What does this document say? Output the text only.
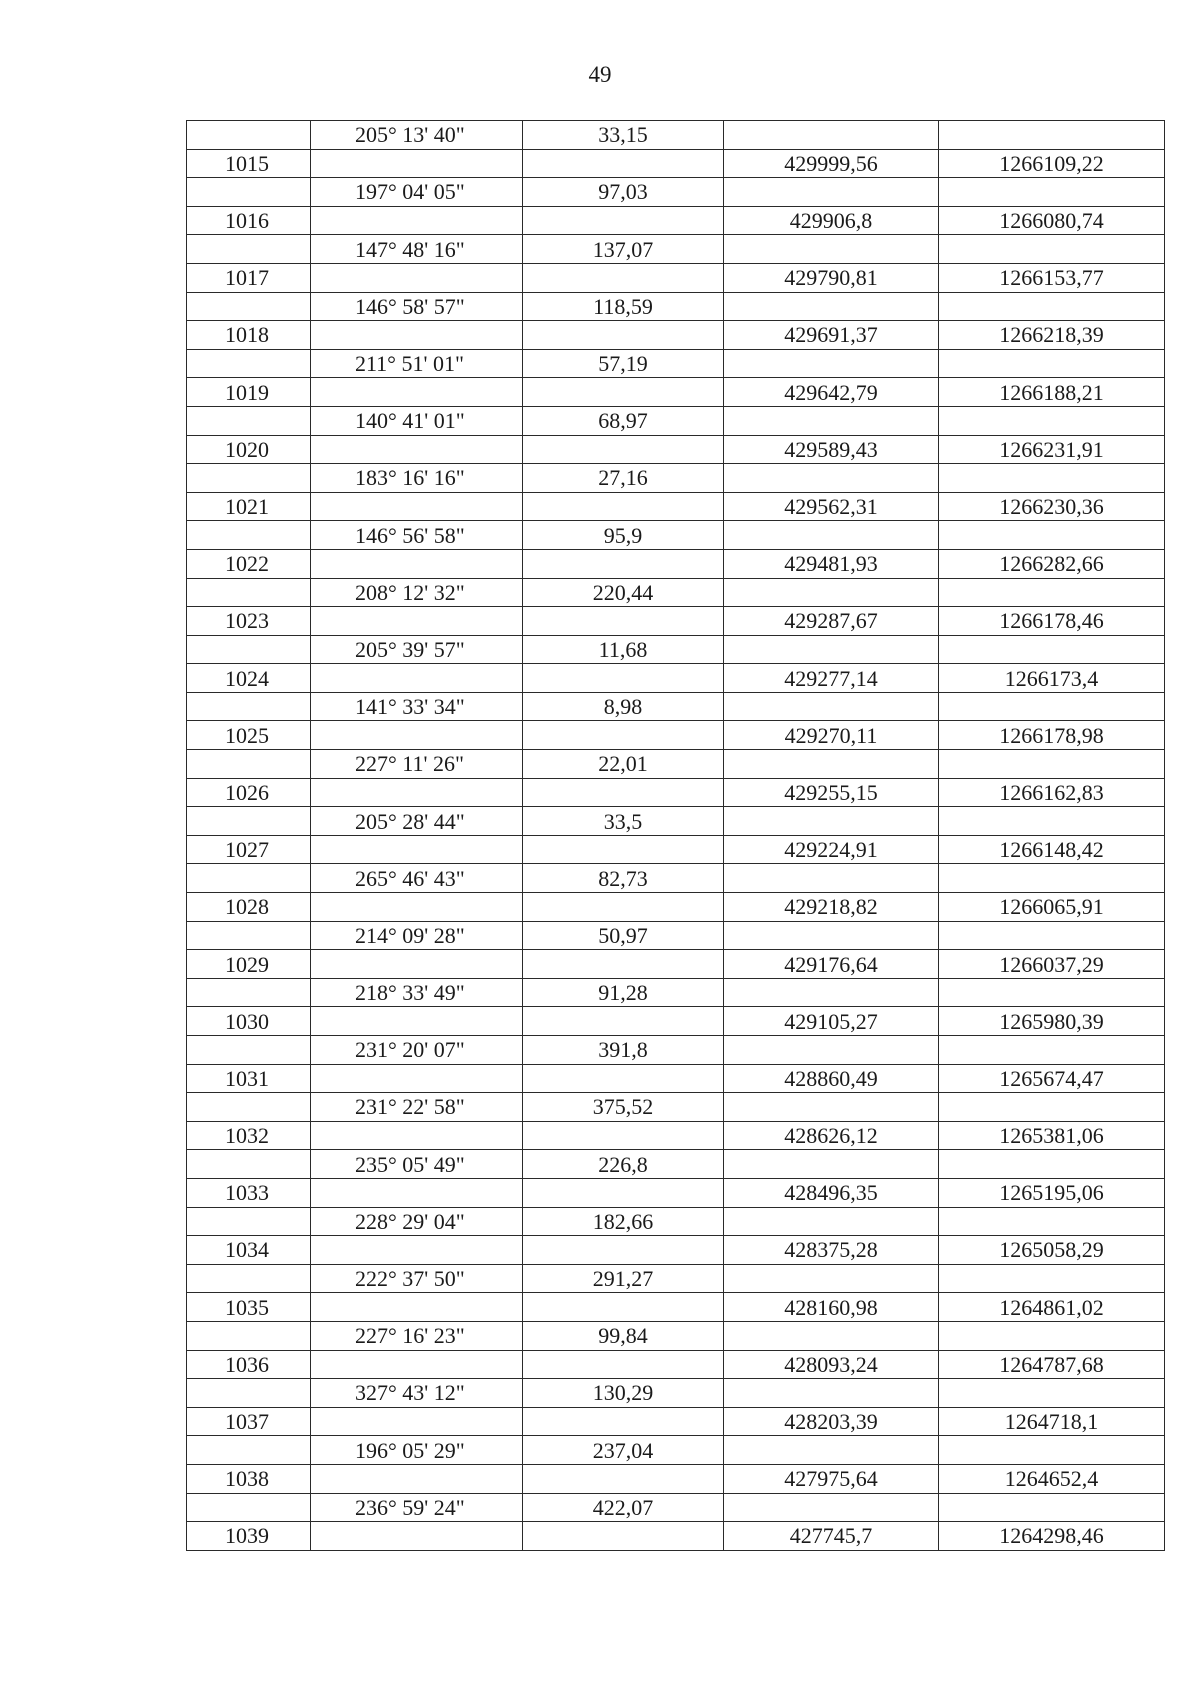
49
	205° 13' 40"	33,15		
1015			429999,56	1266109,22
	197° 04' 05"	97,03		
1016			429906,8	1266080,74
	147° 48' 16"	137,07		
1017			429790,81	1266153,77
	146° 58' 57"	118,59		
1018			429691,37	1266218,39
	211° 51' 01"	57,19		
1019			429642,79	1266188,21
	140° 41' 01"	68,97		
1020			429589,43	1266231,91
	183° 16' 16"	27,16		
1021			429562,31	1266230,36
	146° 56' 58"	95,9		
1022			429481,93	1266282,66
	208° 12' 32"	220,44		
1023			429287,67	1266178,46
	205° 39' 57"	11,68		
1024			429277,14	1266173,4
	141° 33' 34"	8,98		
1025			429270,11	1266178,98
	227° 11' 26"	22,01		
1026			429255,15	1266162,83
	205° 28' 44"	33,5		
1027			429224,91	1266148,42
	265° 46' 43"	82,73		
1028			429218,82	1266065,91
	214° 09' 28"	50,97		
1029			429176,64	1266037,29
	218° 33' 49"	91,28		
1030			429105,27	1265980,39
	231° 20' 07"	391,8		
1031			428860,49	1265674,47
	231° 22' 58"	375,52		
1032			428626,12	1265381,06
	235° 05' 49"	226,8		
1033			428496,35	1265195,06
	228° 29' 04"	182,66		
1034			428375,28	1265058,29
	222° 37' 50"	291,27		
1035			428160,98	1264861,02
	227° 16' 23"	99,84		
1036			428093,24	1264787,68
	327° 43' 12"	130,29		
1037			428203,39	1264718,1
	196° 05' 29"	237,04		
1038			427975,64	1264652,4
	236° 59' 24"	422,07		
1039			427745,7	1264298,46
